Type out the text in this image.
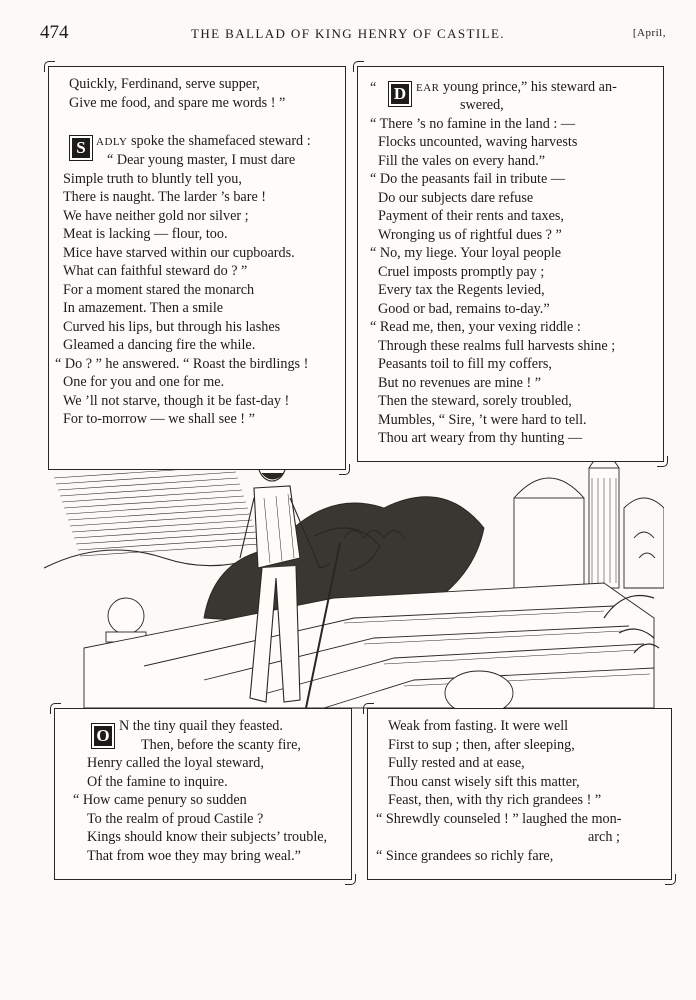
474	THE BALLAD OF KING HENRY OF CASTILE.	[April,
Quickly, Ferdinand, serve supper,
Give me food, and spare me words ! ”
S ADLY spoke the shamefaced steward :
“ Dear young master, I must dare
Simple truth to bluntly tell you,
There is naught. The larder ’s bare !
We have neither gold nor silver ;
Meat is lacking — flour, too.
Mice have starved within our cupboards.
What can faithful steward do ? ”
For a moment stared the monarch
In amazement. Then a smile
Curved his lips, but through his lashes
Gleamed a dancing fire the while.
“ Do ? ” he answered. “ Roast the birdlings !
One for you and one for me.
We ’ll not starve, though it be fast-day !
For to-morrow — we shall see ! ”
“ D EAR young prince,” his steward an-
swered,
“ There ’s no famine in the land : —
Flocks uncounted, waving harvests
Fill the vales on every hand.”
“ Do the peasants fail in tribute —
Do our subjects dare refuse
Payment of their rents and taxes,
Wronging us of rightful dues ? ”
“ No, my liege. Your loyal people
Cruel imposts promptly pay ;
Every tax the Regents levied,
Good or bad, remains to-day.”
“ Read me, then, your vexing riddle :
Through these realms full harvests shine ;
Peasants toil to fill my coffers,
But no revenues are mine ! ”
Then the steward, sorely troubled,
Mumbles, “ Sire, ’t were hard to tell.
Thou art weary from thy hunting —
O N the tiny quail they feasted.
Then, before the scanty fire,
Henry called the loyal steward,
Of the famine to inquire.
“ How came penury so sudden
To the realm of proud Castile ?
Kings should know their subjects’ trouble,
That from woe they may bring weal.”
Weak from fasting. It were well
First to sup ; then, after sleeping,
Fully rested and at ease,
Thou canst wisely sift this matter,
Feast, then, with thy rich grandees ! ”
“ Shrewdly counseled ! ” laughed the mon-
arch ;
“ Since grandees so richly fare,
